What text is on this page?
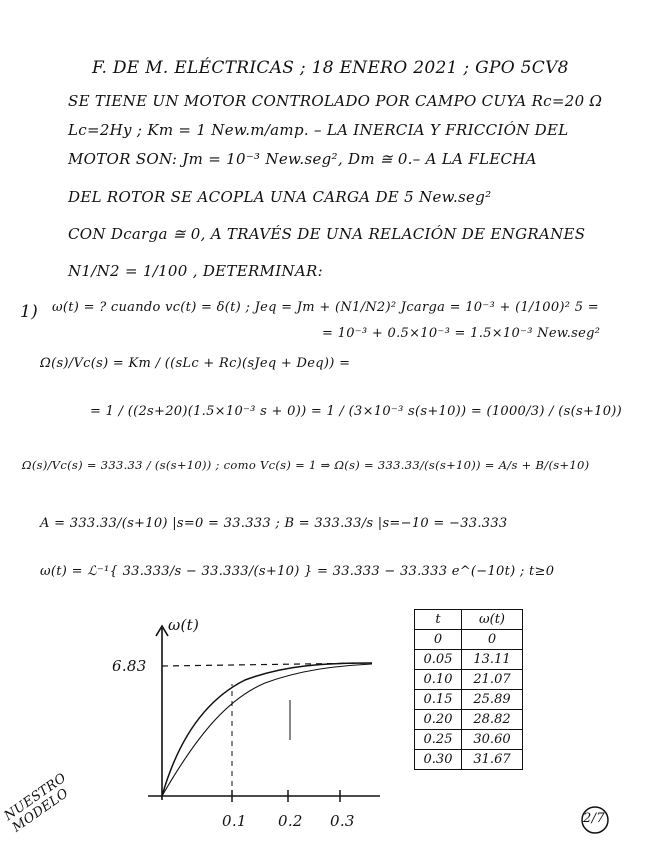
F. DE M. ELÉCTRICAS ; 18 ENERO 2021 ; GPO 5CV8
SE TIENE UN MOTOR CONTROLADO POR CAMPO CUYA Rc=20 Ω
Lc=2Hy ; Km = 1 New.m/amp. – LA INERCIA Y FRICCIÓN DEL
MOTOR SON: Jm = 10⁻³ New.seg², Dm ≅ 0.– A LA FLECHA
DEL ROTOR SE ACOPLA UNA CARGA DE 5 New.seg²
CON Dcarga ≅ 0, A TRAVÉS DE UNA RELACIÓN DE ENGRANES
N1/N2 = 1/100 , DETERMINAR:
1) ω(t) = ? cuando vc(t) = δ(t) ; Jeq = Jm + (N1/N2)² Jcarga = 10⁻³ + (1/100)² 5 =
= 10⁻³ + 0.5×10⁻³ = 1.5×10⁻³ New.seg²
Ω(s)/Vc(s) = Km / ((sLc + Rc)(sJeq + Deq)) =
= 1 / ((2s+20)(1.5×10⁻³ s + 0)) = 1 / (3×10⁻³ s(s+10)) = (1000/3) / (s(s+10))
Ω(s)/Vc(s) = 333.33 / (s(s+10)) ; como Vc(s) = 1 ⇒ Ω(s) = 333.33/(s(s+10)) = A/s + B/(s+10)
A = 333.33/(s+10) |s=0 = 33.333 ; B = 333.33/s |s=−10 = −33.333
ω(t) = ℒ⁻¹{ 33.333/s − 33.333/(s+10) } = 33.333 − 33.333 e^(−10t) ; t≥0
ω(t)
6.83
0.1 0.2 0.3
t	ω(t)
0	0
0.05	13.11
0.10	21.07
0.15	25.89
0.20	28.82
0.25	30.60
0.30	31.67
NUESTRO MODELO	2/7
